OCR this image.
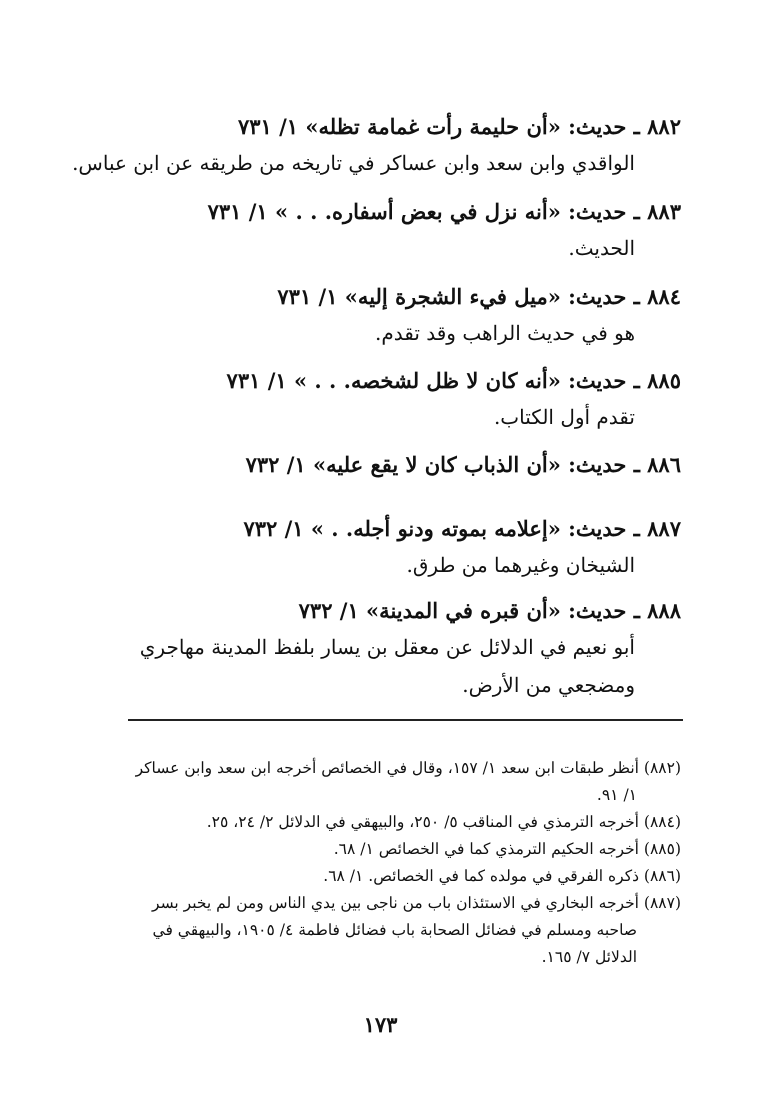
٨٨٢ ـ حديث: «أن حليمة رأت غمامة تظله» ١/ ٧٣١
الواقدي وابن سعد وابن عساكر في تاريخه من طريقه عن ابن عباس.
٨٨٣ ـ حديث: «أنه نزل في بعض أسفاره. . . » ١/ ٧٣١
الحديث.
٨٨٤ ـ حديث: «ميل فيء الشجرة إليه» ١/ ٧٣١
هو في حديث الراهب وقد تقدم.
٨٨٥ ـ حديث: «أنه كان لا ظل لشخصه. . . » ١/ ٧٣١
تقدم أول الكتاب.
٨٨٦ ـ حديث: «أن الذباب كان لا يقع عليه» ١/ ٧٣٢
٨٨٧ ـ حديث: «إعلامه بموته ودنو أجله. . » ١/ ٧٣٢
الشيخان وغيرهما من طرق.
٨٨٨ ـ حديث: «أن قبره في المدينة» ١/ ٧٣٢
أبو نعيم في الدلائل عن معقل بن يسار بلفظ المدينة مهاجري
ومضجعي من الأرض.
(٨٨٢) أنظر طبقات ابن سعد ١/ ١٥٧، وقال في الخصائص أخرجه ابن سعد وابن عساكر
١/ ٩١.
(٨٨٤) أخرجه الترمذي في المناقب ٥/ ٢٥٠، والبيهقي في الدلائل ٢/ ٢٤، ٢٥.
(٨٨٥) أخرجه الحكيم الترمذي كما في الخصائص ١/ ٦٨.
(٨٨٦) ذكره الفرقي في مولده كما في الخصائص. ١/ ٦٨.
(٨٨٧) أخرجه البخاري في الاستئذان باب من ناجى بين يدي الناس ومن لم يخبر بسر
صاحبه ومسلم في فضائل الصحابة باب فضائل فاطمة ٤/ ١٩٠٥، والبيهقي في
الدلائل ٧/ ١٦٥.
١٧٣
